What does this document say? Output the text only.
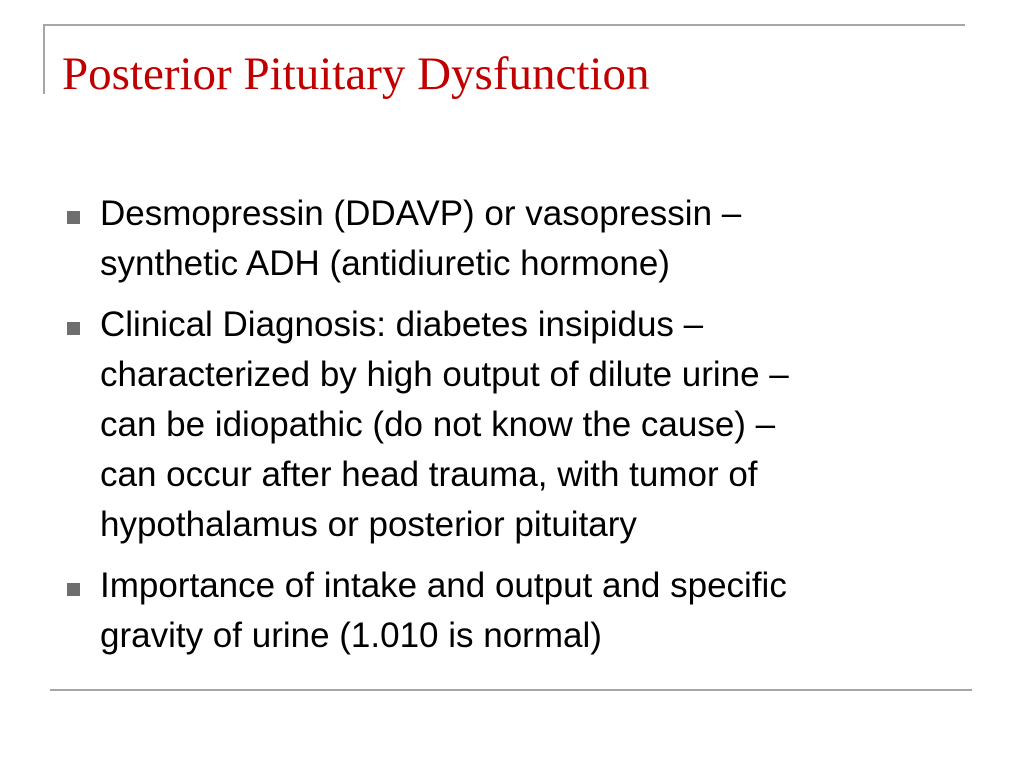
Posterior Pituitary Dysfunction
Desmopressin (DDAVP) or vasopressin –
synthetic ADH (antidiuretic hormone)
Clinical Diagnosis: diabetes insipidus –
characterized by high output of dilute urine –
can be idiopathic (do not know the cause) –
can occur after head trauma, with tumor of
hypothalamus or posterior pituitary
Importance of intake and output and specific
gravity of urine (1.010 is normal)
